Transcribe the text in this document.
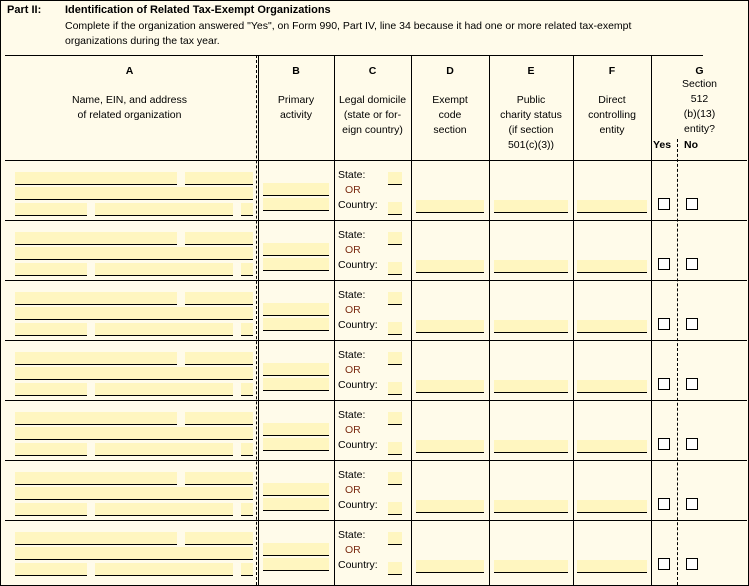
Part II: Identification of Related Tax-Exempt Organizations
Complete if the organization answered "Yes", on Form 990, Part IV, line 34 because it had one or more related tax-exempt
organizations during the tax year.
A
Name, EIN, and address
of related organization
B
Primary
activity
C
Legal domicile
(state or for-
eign country)
D
Exempt
code
section
E
Public
charity status
(if section
501(c)(3))
F
Direct
controlling
entity
G
Section
512
(b)(13)
entity?
Yes No
State:
OR
Country:
State:
OR
Country:
State:
OR
Country:
State:
OR
Country:
State:
OR
Country:
State:
OR
Country:
State:
OR
Country:
